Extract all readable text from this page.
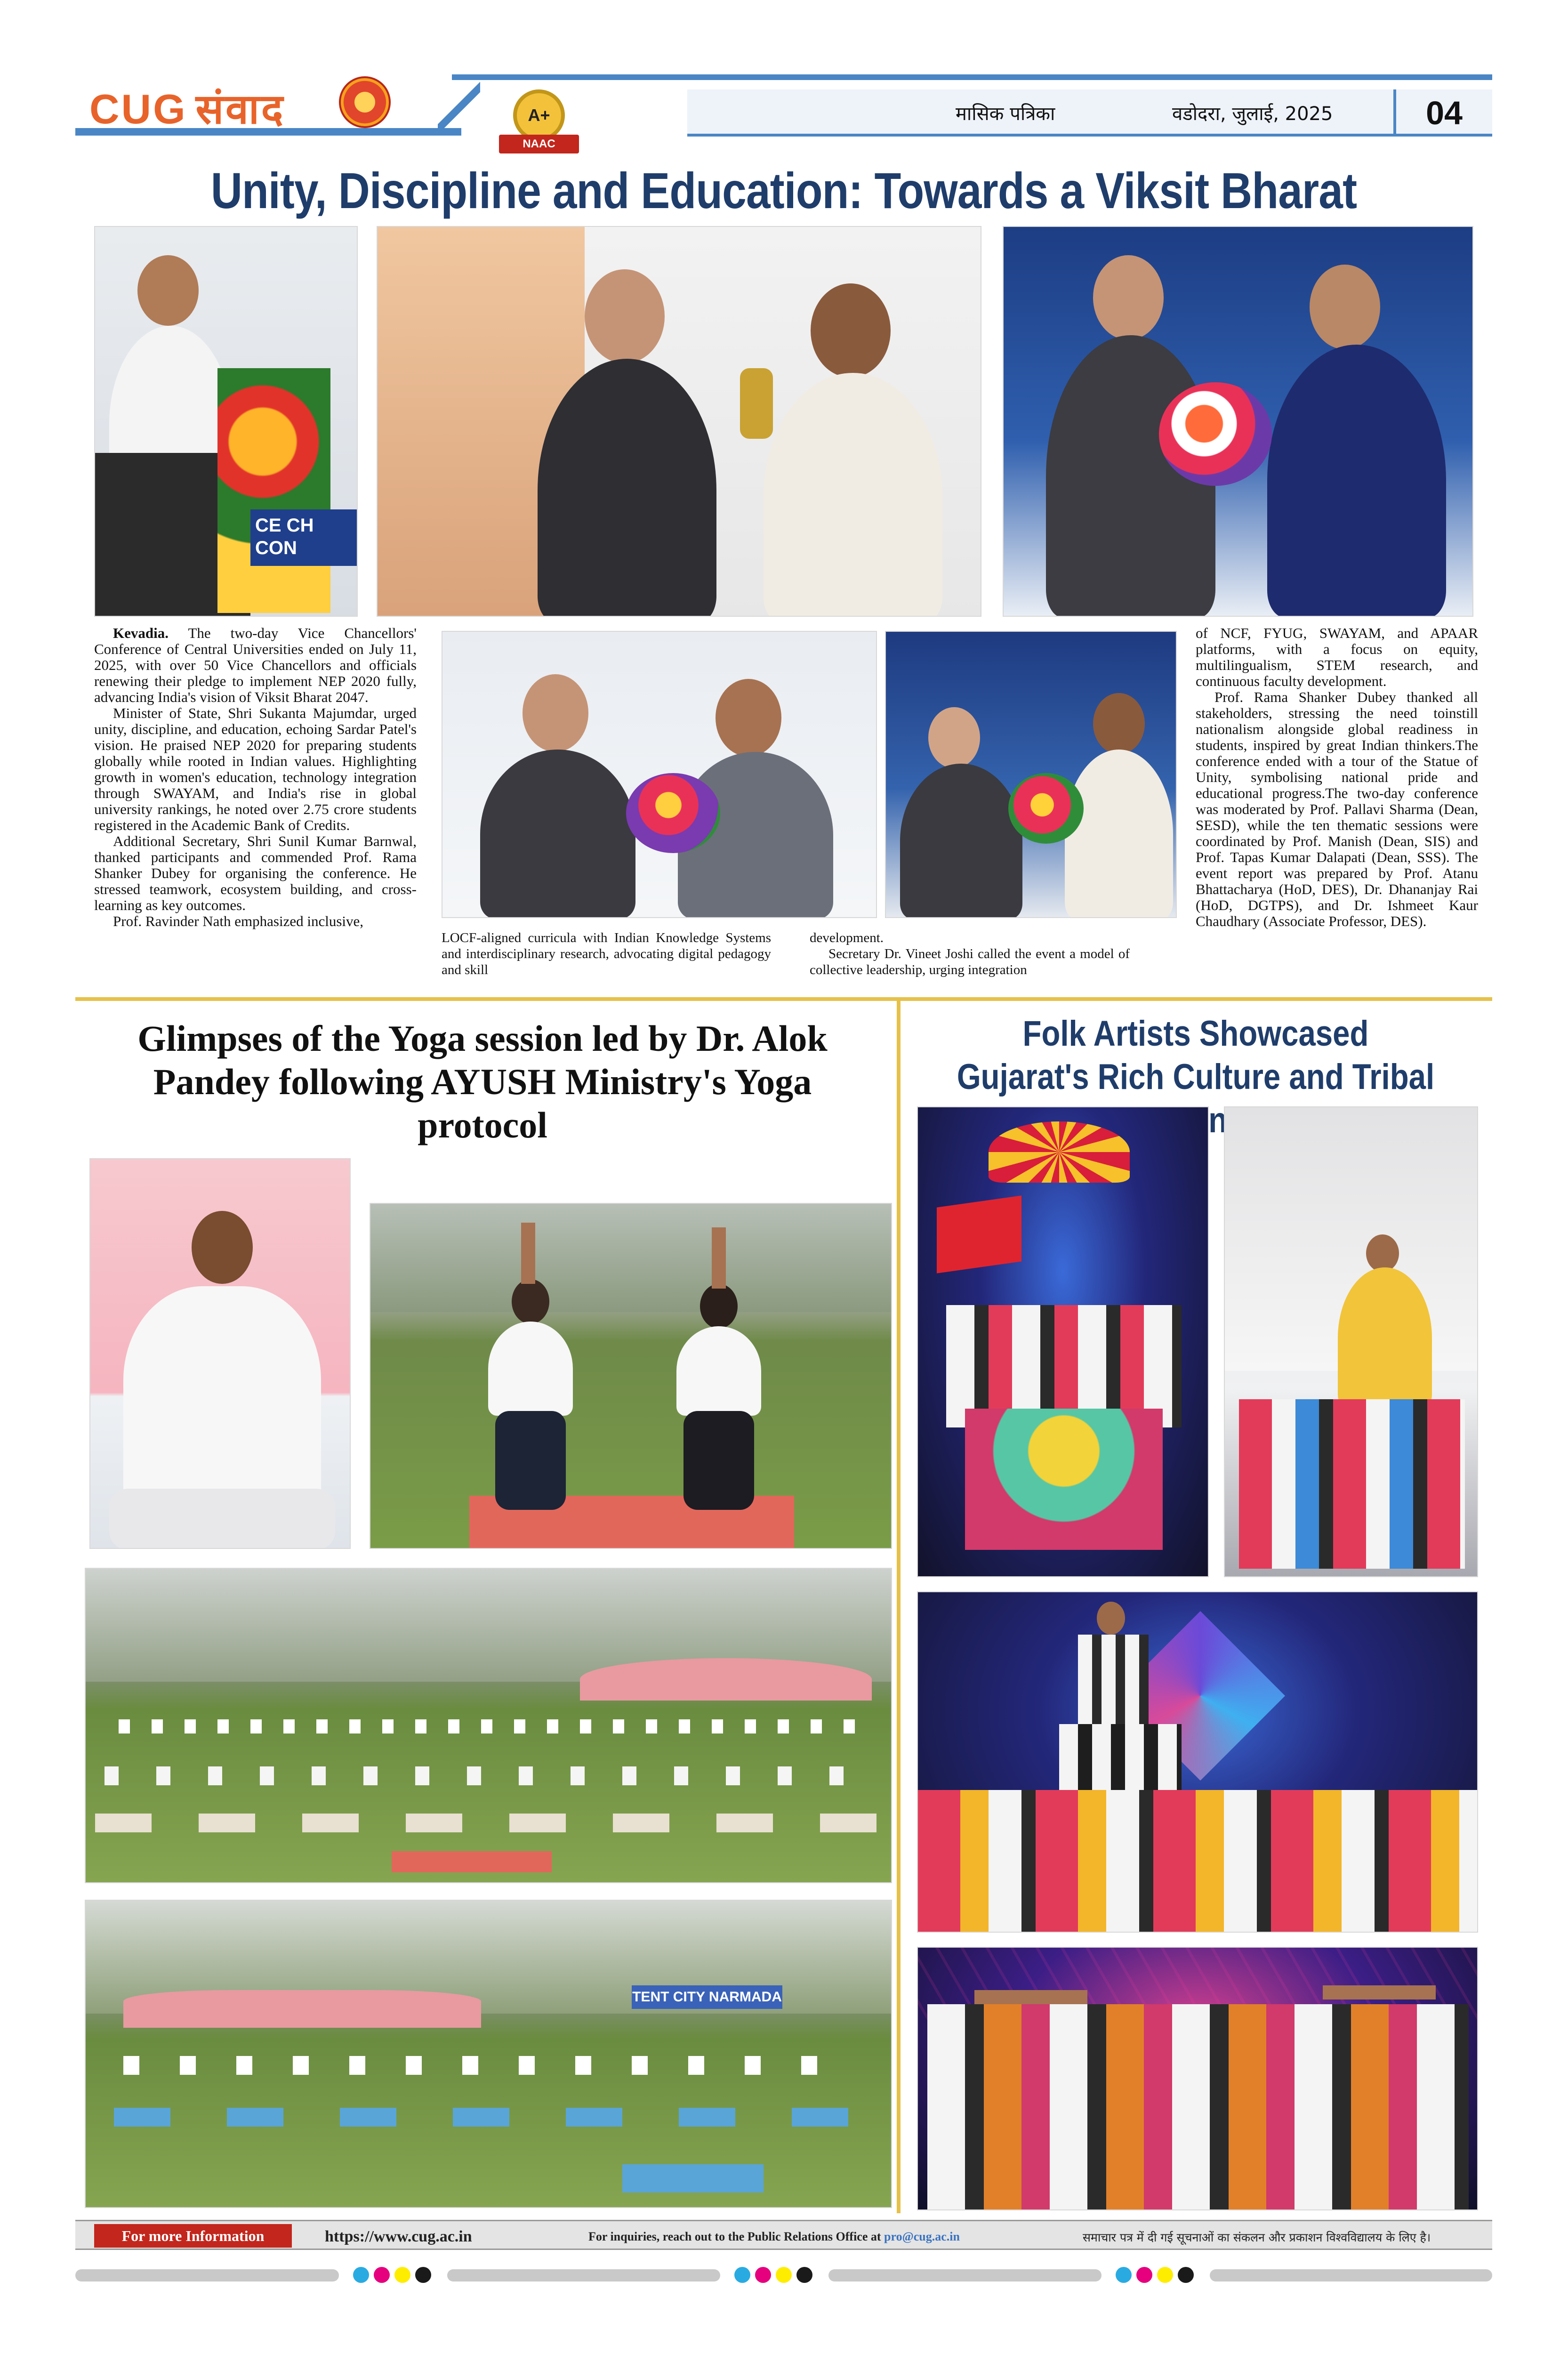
CUG संवाद	A+
NAAC
मासिक पत्रिका	वडोदरा, जुलाई, 2025	04
Unity, Discipline and Education: Towards a Viksit Bharat
CE CH CON

Kevadia. The two-day Vice Chancellors' Conference of Central Universities ended on July 11, 2025, with over 50 Vice Chancellors and officials renewing their pledge to implement NEP 2020 fully, advancing India's vision of Viksit Bharat 2047.

Minister of State, Shri Sukanta Majumdar, urged unity, discipline, and education, echoing Sardar Patel's vision. He praised NEP 2020 for preparing students globally while rooted in Indian values. Highlighting growth in women's education, technology integration through SWAYAM, and India's rise in global university rankings, he noted over 2.75 crore students registered in the Academic Bank of Credits.

Additional Secretary, Shri Sunil Kumar Barnwal, thanked participants and commended Prof. Rama Shanker Dubey for organising the conference. He stressed teamwork, ecosystem building, and cross-learning as key outcomes.

Prof. Ravinder Nath emphasized inclusive,

LOCF-aligned curricula with Indian Knowledge Systems and interdisciplinary research, advocating digital pedagogy and skill

development.

Secretary Dr. Vineet Joshi called the event a model of collective leadership, urging integration

of NCF, FYUG, SWAYAM, and APAAR platforms, with a focus on equity, multilingualism, STEM research, and continuous faculty development.

Prof. Rama Shanker Dubey thanked all stakeholders, stressing the need toinstill nationalism alongside global readiness in students, inspired by great Indian thinkers.The conference ended with a tour of the Statue of Unity, symbolising national pride and educational progress.The two-day conference was moderated by Prof. Pallavi Sharma (Dean, SESD), while the ten thematic sessions were coordinated by Prof. Manish (Dean, SIS) and Prof. Tapas Kumar Dalapati (Dean, SSS). The event report was prepared by Prof. Atanu Bhattacharya (HoD, DES), Dr. Dhananjay Rai (HoD, DGTPS), and Dr. Ishmeet Kaur Chaudhary (Associate Professor, DES).

Glimpses of the Yoga session led by Dr. Alok Pandey following AYUSH Ministry's Yoga protocol
TENT CITY NARMADA
Folk Artists Showcased Gujarat's Rich Culture and Tribal
For more Information	https://www.cug.ac.in	For inquiries, reach out to the Public Relations Office at pro@cug.ac.in	समाचार पत्र में दी गई सूचनाओं का संकलन और प्रकाशन विश्वविद्यालय के लिए है।
